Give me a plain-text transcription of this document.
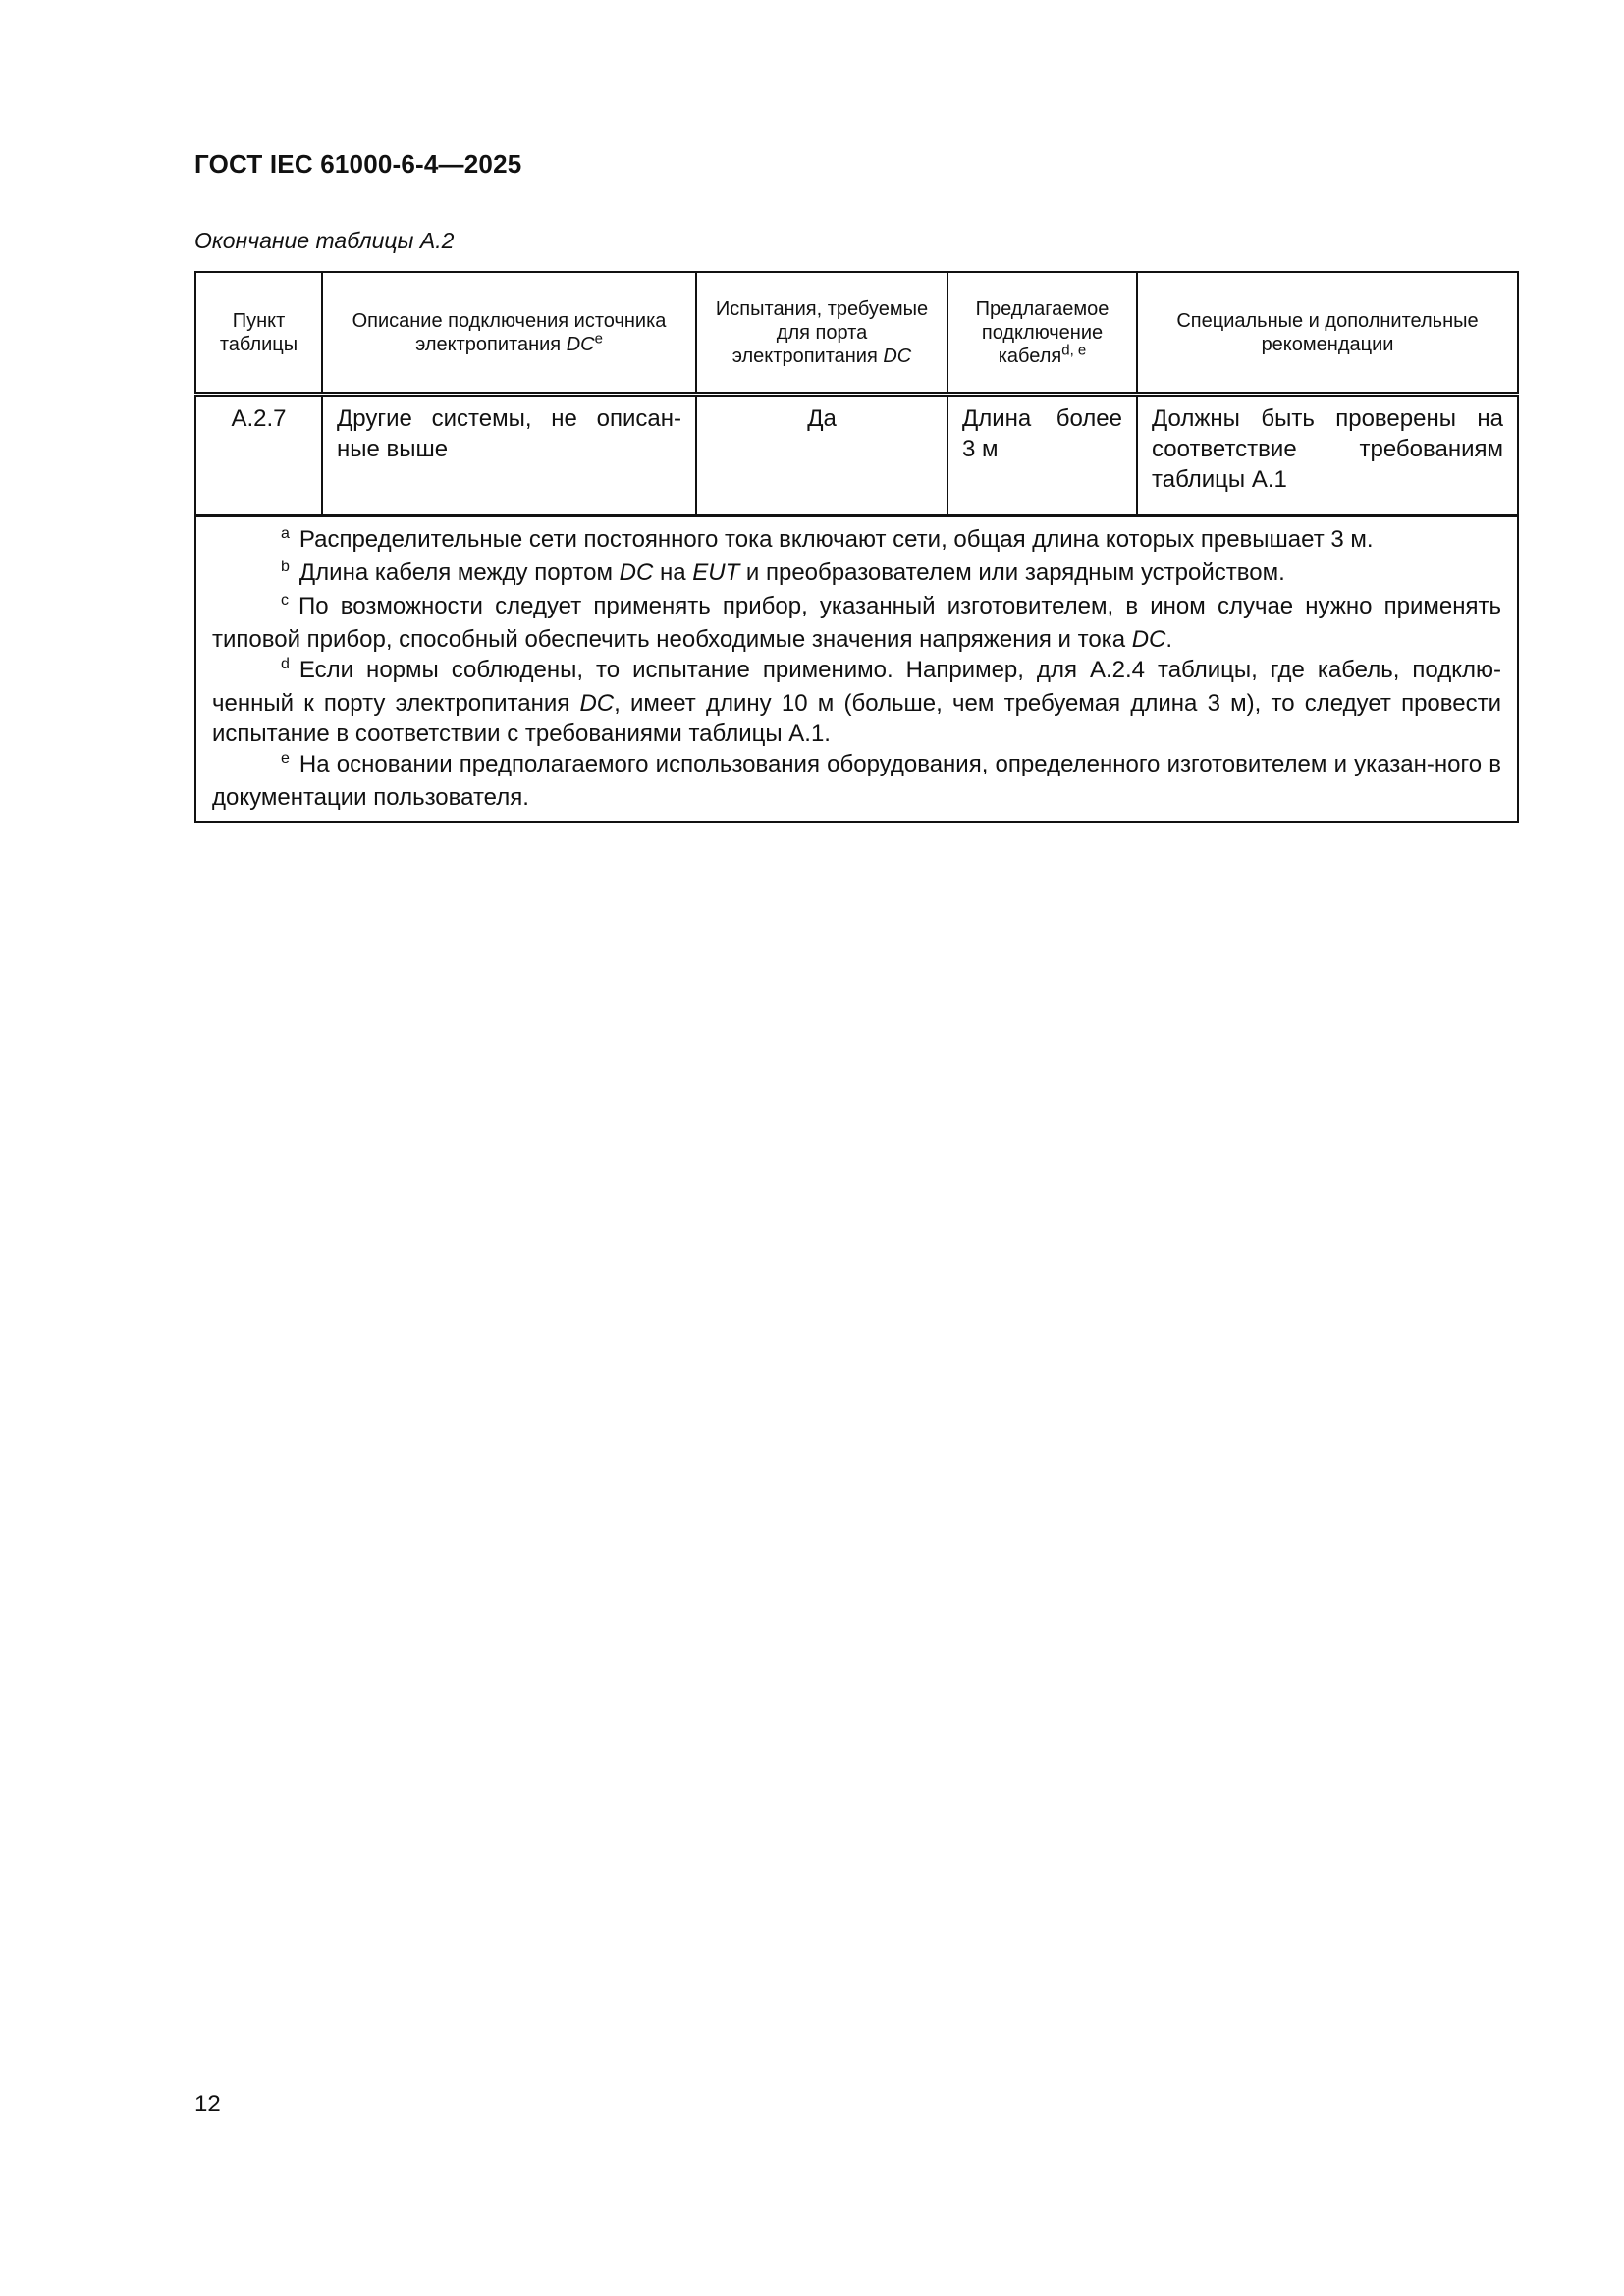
ГОСТ IEC 61000-6-4—2025
Окончание таблицы А.2
Пункт таблицы	Описание подключения источника электропитания DCe	Испытания, требуемые для порта электропитания DC	Предлагаемое подключение кабеля$^{d, e}$	Специальные и дополнительные рекомендации
А.2.7	Другие системы, не описан-ные выше	Да	Длина более 3 м	Должны быть проверены на соответствие требованиям таблицы А.1

$^a$ Распределительные сети постоянного тока включают сети, общая длина которых превышает 3 м.
$^b$ Длина кабеля между портом DC на EUT и преобразователем или зарядным устройством.
$^c$ По возможности следует применять прибор, указанный изготовителем, в ином случае нужно применять типовой прибор, способный обеспечить необходимые значения напряжения и тока DC.
$^d$ Если нормы соблюдены, то испытание применимо. Например, для А.2.4 таблицы, где кабель, подклю-ченный к порту электропитания DC, имеет длину 10 м (больше, чем требуемая длина 3 м), то следует провести испытание в соответствии с требованиями таблицы А.1.
$^e$ На основании предполагаемого использования оборудования, определенного изготовителем и указан-ного в документации пользователя.				
12
